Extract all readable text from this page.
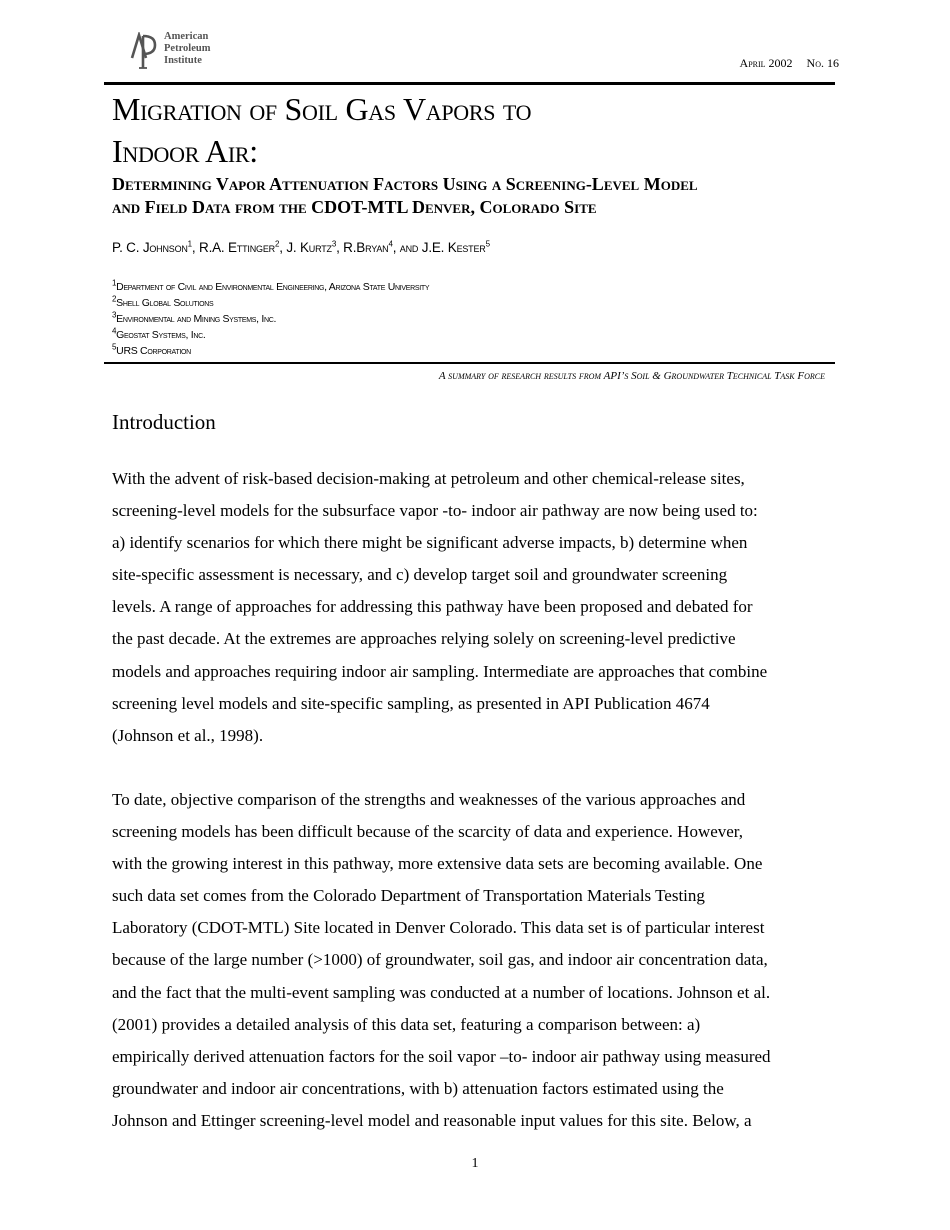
American
Petroleum
Institute	April 2002 No. 16
Migration of Soil Gas Vapors to
Indoor Air:
Determining Vapor Attenuation Factors Using a Screening-Level Model
and Field Data from the CDOT-MTL Denver, Colorado Site
P. C. Johnson$^1$, R.A. Ettinger$^2$, J. Kurtz$^3$, R.Bryan$^4$, and J.E. Kester$^5$
$^1$Department of Civil and Environmental Engineering, Arizona State University
$^2$Shell Global Solutions
$^3$Environmental and Mining Systems, Inc.
$^4$Geostat Systems, Inc.
$^5$URS Corporation
A summary of research results from API’s Soil & Groundwater Technical Task Force
Introduction

With the advent of risk-based decision-making at petroleum and other chemical-release sites,
screening-level models for the subsurface vapor -to- indoor air pathway are now being used to:
a) identify scenarios for which there might be significant adverse impacts, b) determine when
site-specific assessment is necessary, and c) develop target soil and groundwater screening
levels. A range of approaches for addressing this pathway have been proposed and debated for
the past decade. At the extremes are approaches relying solely on screening-level predictive
models and approaches requiring indoor air sampling. Intermediate are approaches that combine
screening level models and site-specific sampling, as presented in API Publication 4674
(Johnson et al., 1998).

To date, objective comparison of the strengths and weaknesses of the various approaches and
screening models has been difficult because of the scarcity of data and experience. However,
with the growing interest in this pathway, more extensive data sets are becoming available. One
such data set comes from the Colorado Department of Transportation Materials Testing
Laboratory (CDOT-MTL) Site located in Denver Colorado. This data set is of particular interest
because of the large number (>1000) of groundwater, soil gas, and indoor air concentration data,
and the fact that the multi-event sampling was conducted at a number of locations. Johnson et al.
(2001) provides a detailed analysis of this data set, featuring a comparison between: a)
empirically derived attenuation factors for the soil vapor –to- indoor air pathway using measured
groundwater and indoor air concentrations, with b) attenuation factors estimated using the
Johnson and Ettinger screening-level model and reasonable input values for this site. Below, a

1
